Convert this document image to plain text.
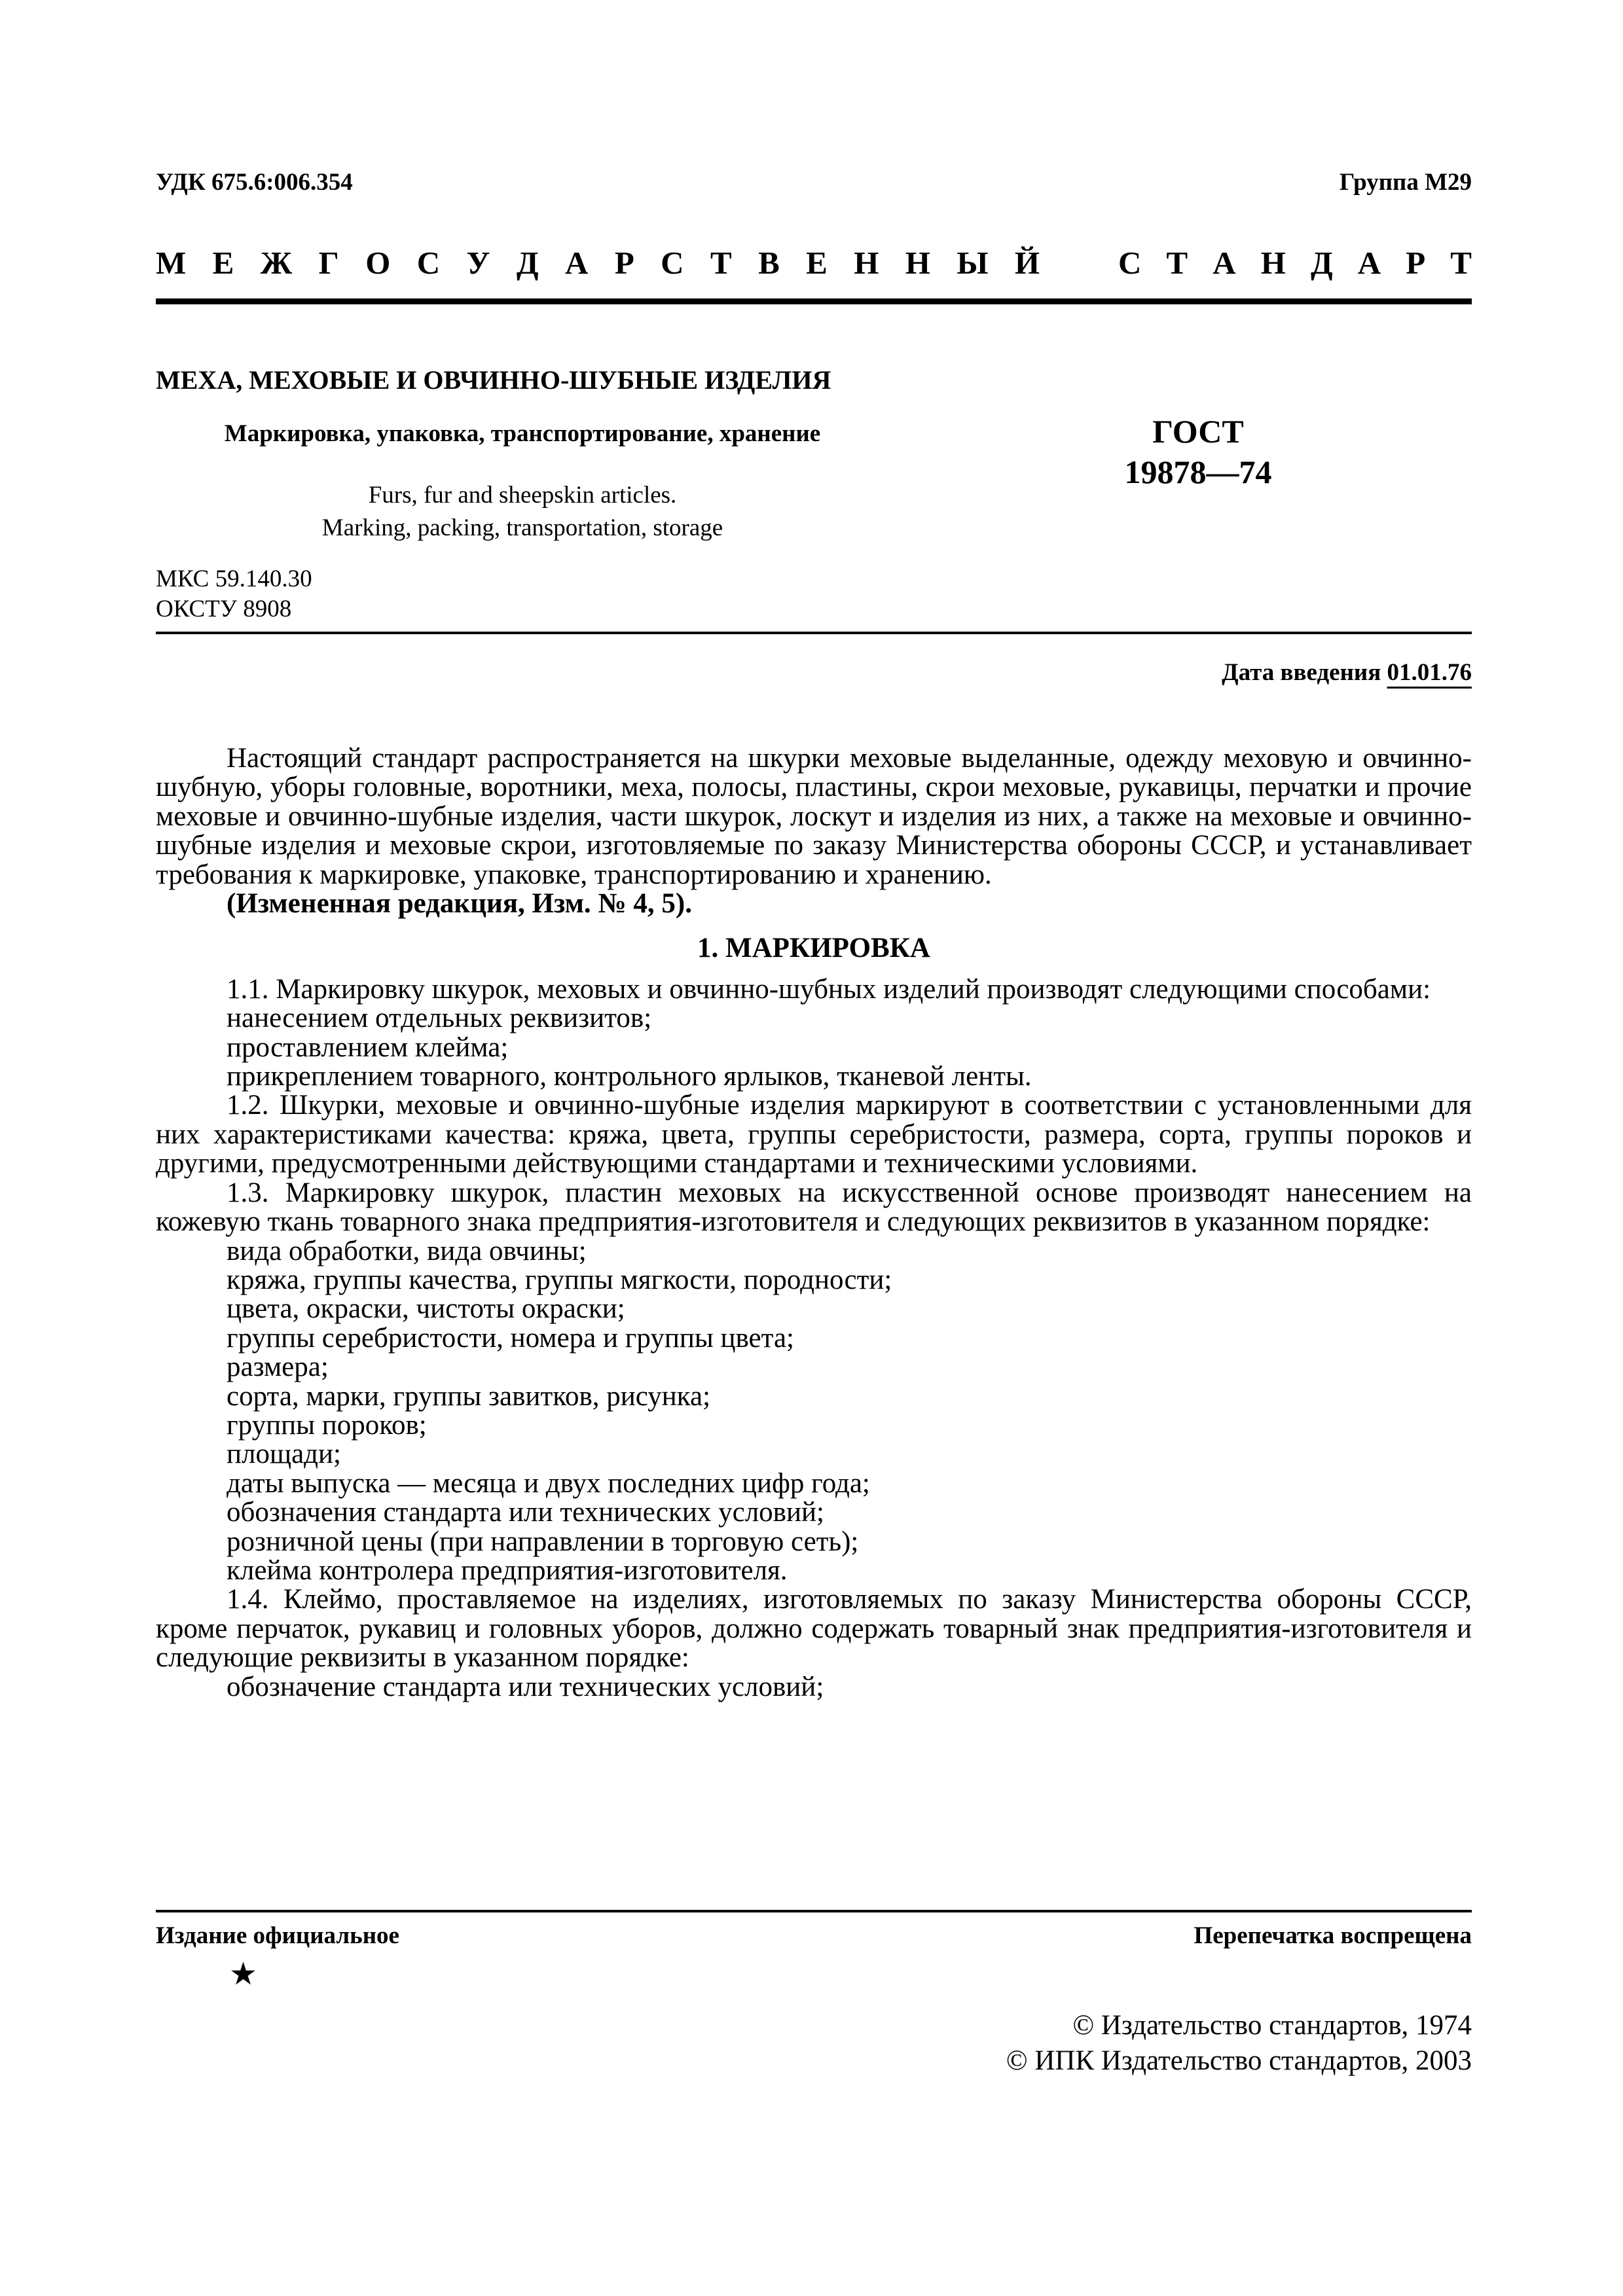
УДК 675.6:006.354	Группа М29
М Е Ж Г О С У Д А Р С Т В Е Н Н Ы Й С Т А Н Д А Р Т
МЕХА, МЕХОВЫЕ И ОВЧИННО-ШУБНЫЕ ИЗДЕЛИЯ
Маркировка, упаковка, транспортирование, хранение
Furs, fur and sheepskin articles.
Marking, packing, transportation, storage
ГОСТ
19878—74
МКС 59.140.30
ОКСТУ 8908
Дата введения 01.01.76

Настоящий стандарт распространяется на шкурки меховые выделанные, одежду меховую и овчинно-шубную, уборы головные, воротники, меха, полосы, пластины, скрои меховые, рукавицы, перчатки и прочие меховые и овчинно-шубные изделия, части шкурок, лоскут и изделия из них, а также на меховые и овчинно-шубные изделия и меховые скрои, изготовляемые по заказу Министерства обороны СССР, и устанавливает требования к маркировке, упаковке, транспортированию и хранению.

(Измененная редакция, Изм. № 4, 5).

1. МАРКИРОВКА

1.1. Маркировку шкурок, меховых и овчинно-шубных изделий производят следующими способами:

нанесением отдельных реквизитов;

проставлением клейма;

прикреплением товарного, контрольного ярлыков, тканевой ленты.

1.2. Шкурки, меховые и овчинно-шубные изделия маркируют в соответствии с установленными для них характеристиками качества: кряжа, цвета, группы серебристости, размера, сорта, группы пороков и другими, предусмотренными действующими стандартами и техническими условиями.

1.3. Маркировку шкурок, пластин меховых на искусственной основе производят нанесением на кожевую ткань товарного знака предприятия-изготовителя и следующих реквизитов в указанном порядке:

вида обработки, вида овчины;

кряжа, группы качества, группы мягкости, породности;

цвета, окраски, чистоты окраски;

группы серебристости, номера и группы цвета;

размера;

сорта, марки, группы завитков, рисунка;

группы пороков;

площади;

даты выпуска — месяца и двух последних цифр года;

обозначения стандарта или технических условий;

розничной цены (при направлении в торговую сеть);

клейма контролера предприятия-изготовителя.

1.4. Клеймо, проставляемое на изделиях, изготовляемых по заказу Министерства обороны СССР, кроме перчаток, рукавиц и головных уборов, должно содержать товарный знак предприятия-изготовителя и следующие реквизиты в указанном порядке:

обозначение стандарта или технических условий;

Издание официальное	Перепечатка воспрещена
★
© Издательство стандартов, 1974
© ИПК Издательство стандартов, 2003
